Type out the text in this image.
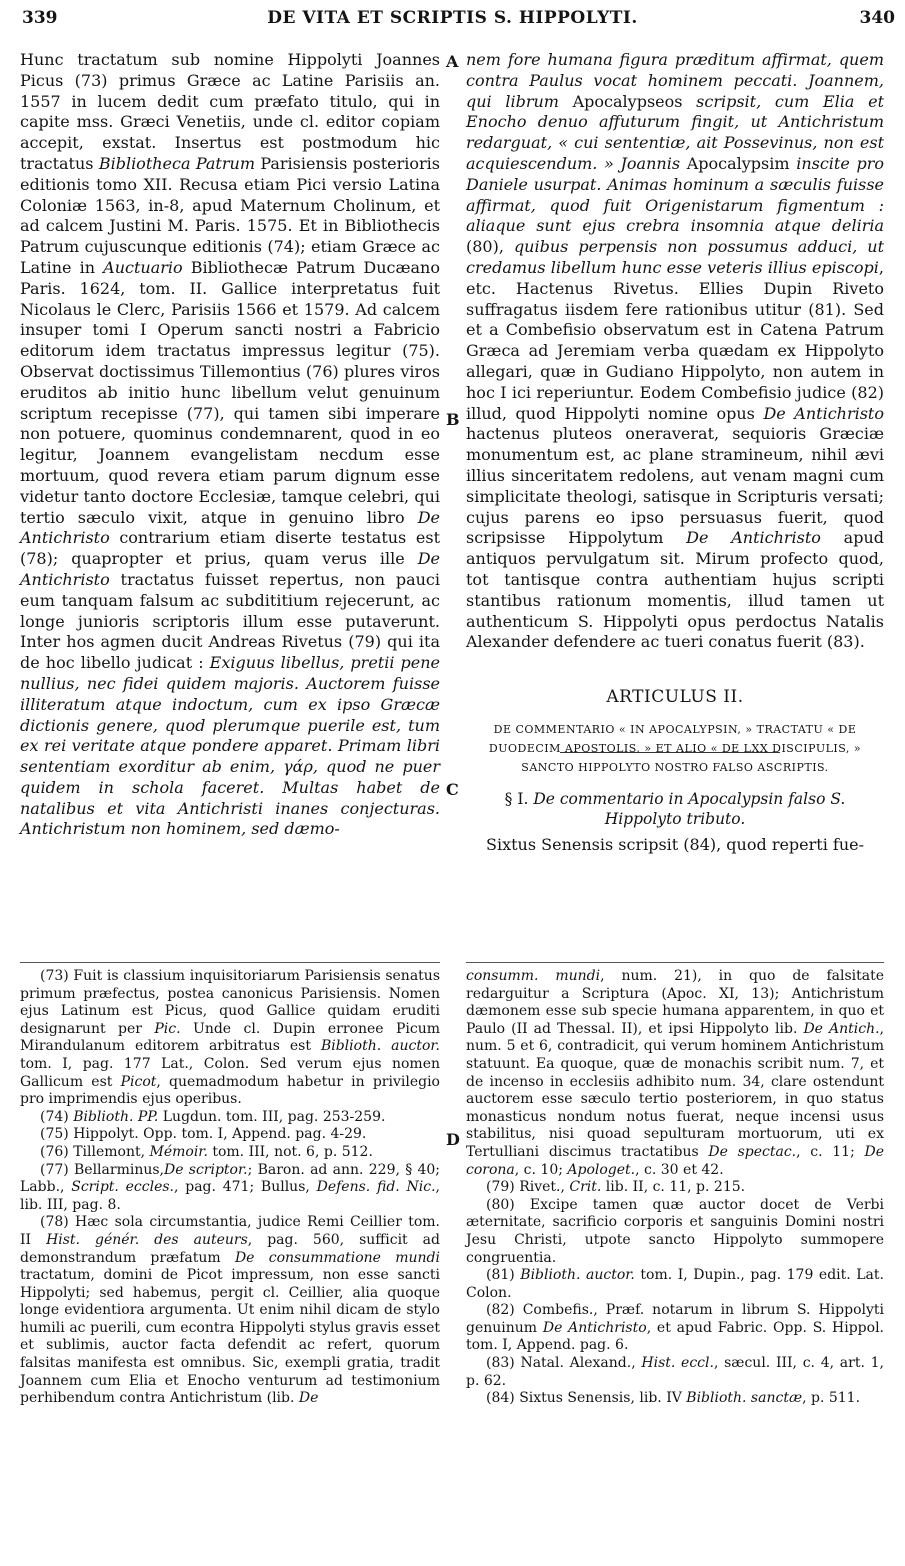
339	DE VITA ET SCRIPTIS S. HIPPOLYTI.	340
A
B
C
D

Hunc tractatum sub nomine Hippolyti Joannes Picus (73) primus Græce ac Latine Parisiis an. 1557 in lucem dedit cum præfato titulo, qui in capite mss. Græci Venetiis, unde cl. editor copiam accepit, exstat. Insertus est postmodum hic tractatus Bibliotheca Patrum Parisiensis posterioris editionis tomo XII. Recusa etiam Pici versio Latina Coloniæ 1563, in-8, apud Maternum Cholinum, et ad calcem Justini M. Paris. 1575. Et in Bibliothecis Patrum cujuscunque editionis (74); etiam Græce ac Latine in Auctuario Bibliothecæ Patrum Ducæano Paris. 1624, tom. II. Gallice interpretatus fuit Nicolaus le Clerc, Parisiis 1566 et 1579. Ad calcem insuper tomi I Operum sancti nostri a Fabricio editorum idem tractatus impressus legitur (75). Observat doctissimus Tillemontius (76) plures viros eruditos ab initio hunc libellum velut genuinum scriptum recepisse (77), qui tamen sibi imperare non potuere, quominus condemnarent, quod in eo legitur, Joannem evangelistam necdum esse mortuum, quod revera etiam parum dignum esse videtur tanto doctore Ecclesiæ, tamque celebri, qui tertio sæculo vixit, atque in genuino libro De Antichristo contrarium etiam diserte testatus est (78); quapropter et prius, quam verus ille De Antichristo tractatus fuisset repertus, non pauci eum tanquam falsum ac subdititium rejecerunt, ac longe junioris scriptoris illum esse putaverunt. Inter hos agmen ducit Andreas Rivetus (79) qui ita de hoc libello judicat : Exiguus libellus, pretii pene nullius, nec fidei quidem majoris. Auctorem fuisse illiteratum atque indoctum, cum ex ipso Græcæ dictionis genere, quod plerumque puerile est, tum ex rei veritate atque pondere apparet. Primam libri sententiam exorditur ab enim, γάρ, quod ne puer quidem in schola faceret. Multas habet de natalibus et vita Antichristi inanes conjecturas. Antichristum non hominem, sed dæmo-

nem fore humana figura præditum affirmat, quem contra Paulus vocat hominem peccati. Joannem, qui librum Apocalypseos scripsit, cum Elia et Enocho denuo affuturum fingit, ut Antichristum redarguat, « cui sententiæ, ait Possevinus, non est acquiescendum. » Joannis Apocalypsim inscite pro Daniele usurpat. Animas hominum a sæculis fuisse affirmat, quod fuit Origenistarum figmentum : aliaque sunt ejus crebra insomnia atque deliria (80), quibus perpensis non possumus adduci, ut credamus libellum hunc esse veteris illius episcopi, etc. Hactenus Rivetus. Ellies Dupin Riveto suffragatus iisdem fere rationibus utitur (81). Sed et a Combefisio observatum est in Catena Patrum Græca ad Jeremiam verba quædam ex Hippolyto allegari, quæ in Gudiano Hippolyto, non autem in hoc I ici reperiuntur. Eodem Combefisio judice (82) illud, quod Hippolyti nomine opus De Antichristo hactenus pluteos oneraverat, sequioris Græciæ monumentum est, ac plane stramineum, nihil ævi illius sinceritatem redolens, aut venam magni cum simplicitate theologi, satisque in Scripturis versati; cujus parens eo ipso persuasus fuerit, quod scripsisse Hippolytum De Antichristo apud antiquos pervulgatum sit. Mirum profecto quod, tot tantisque contra authentiam hujus scripti stantibus rationum momentis, illud tamen ut authenticum S. Hippolyti opus perdoctus Natalis Alexander defendere ac tueri conatus fuerit (83).

ARTICULUS II.
DE COMMENTARIO « IN APOCALYPSIN, » TRACTATU « DE DUODECIM APOSTOLIS, » ET ALIO « DE LXX DISCIPULIS, » SANCTO HIPPOLYTO NOSTRO FALSO ASCRIPTIS.
§ I. De commentario in Apocalypsin falso S. Hippolyto tributo.

Sixtus Senensis scripsit (84), quod reperti fue-

(73) Fuit is classium inquisitoriarum Parisiensis senatus primum præfectus, postea canonicus Parisiensis. Nomen ejus Latinum est Picus, quod Gallice quidam eruditi designarunt per Pic. Unde cl. Dupin erronee Picum Mirandulanum editorem arbitratus est Biblioth. auctor. tom. I, pag. 177 Lat., Colon. Sed verum ejus nomen Gallicum est Picot, quemadmodum habetur in privilegio pro imprimendis ejus operibus.

(74) Biblioth. PP. Lugdun. tom. III, pag. 253-259.

(75) Hippolyt. Opp. tom. I, Append. pag. 4-29.

(76) Tillemont, Mémoir. tom. III, not. 6, p. 512.

(77) Bellarminus,De scriptor.; Baron. ad ann. 229, § 40; Labb., Script. eccles., pag. 471; Bullus, Defens. fid. Nic., lib. III, pag. 8.

(78) Hæc sola circumstantia, judice Remi Ceillier tom. II Hist. génér. des auteurs, pag. 560, sufficit ad demonstrandum præfatum De consummatione mundi tractatum, domini de Picot impressum, non esse sancti Hippolyti; sed habemus, pergit cl. Ceillier, alia quoque longe evidentiora argumenta. Ut enim nihil dicam de stylo humili ac puerili, cum econtra Hippolyti stylus gravis esset et sublimis, auctor facta defendit ac refert, quorum falsitas manifesta est omnibus. Sic, exempli gratia, tradit Joannem cum Elia et Enocho venturum ad testimonium perhibendum contra Antichristum (lib. De

consumm. mundi, num. 21), in quo de falsitate redarguitur a Scriptura (Apoc. XI, 13); Antichristum dæmonem esse sub specie humana apparentem, in quo et Paulo (II ad Thessal. II), et ipsi Hippolyto lib. De Antich., num. 5 et 6, contradicit, qui verum hominem Antichristum statuunt. Ea quoque, quæ de monachis scribit num. 7, et de incenso in ecclesiis adhibito num. 34, clare ostendunt auctorem esse sæculo tertio posteriorem, in quo status monasticus nondum notus fuerat, neque incensi usus stabilitus, nisi quoad sepulturam mortuorum, uti ex Tertulliani discimus tractatibus De spectac., c. 11; De corona, c. 10; Apologet., c. 30 et 42.

(79) Rivet., Crit. lib. II, c. 11, p. 215.

(80) Excipe tamen quæ auctor docet de Verbi æternitate, sacrificio corporis et sanguinis Domini nostri Jesu Christi, utpote sancto Hippolyto summopere congruentia.

(81) Biblioth. auctor. tom. I, Dupin., pag. 179 edit. Lat. Colon.

(82) Combefis., Præf. notarum in librum S. Hippolyti genuinum De Antichristo, et apud Fabric. Opp. S. Hippol. tom. I, Append. pag. 6.

(83) Natal. Alexand., Hist. eccl., sæcul. III, c. 4, art. 1, p. 62.

(84) Sixtus Senensis, lib. IV Biblioth. sanctæ, p. 511.
